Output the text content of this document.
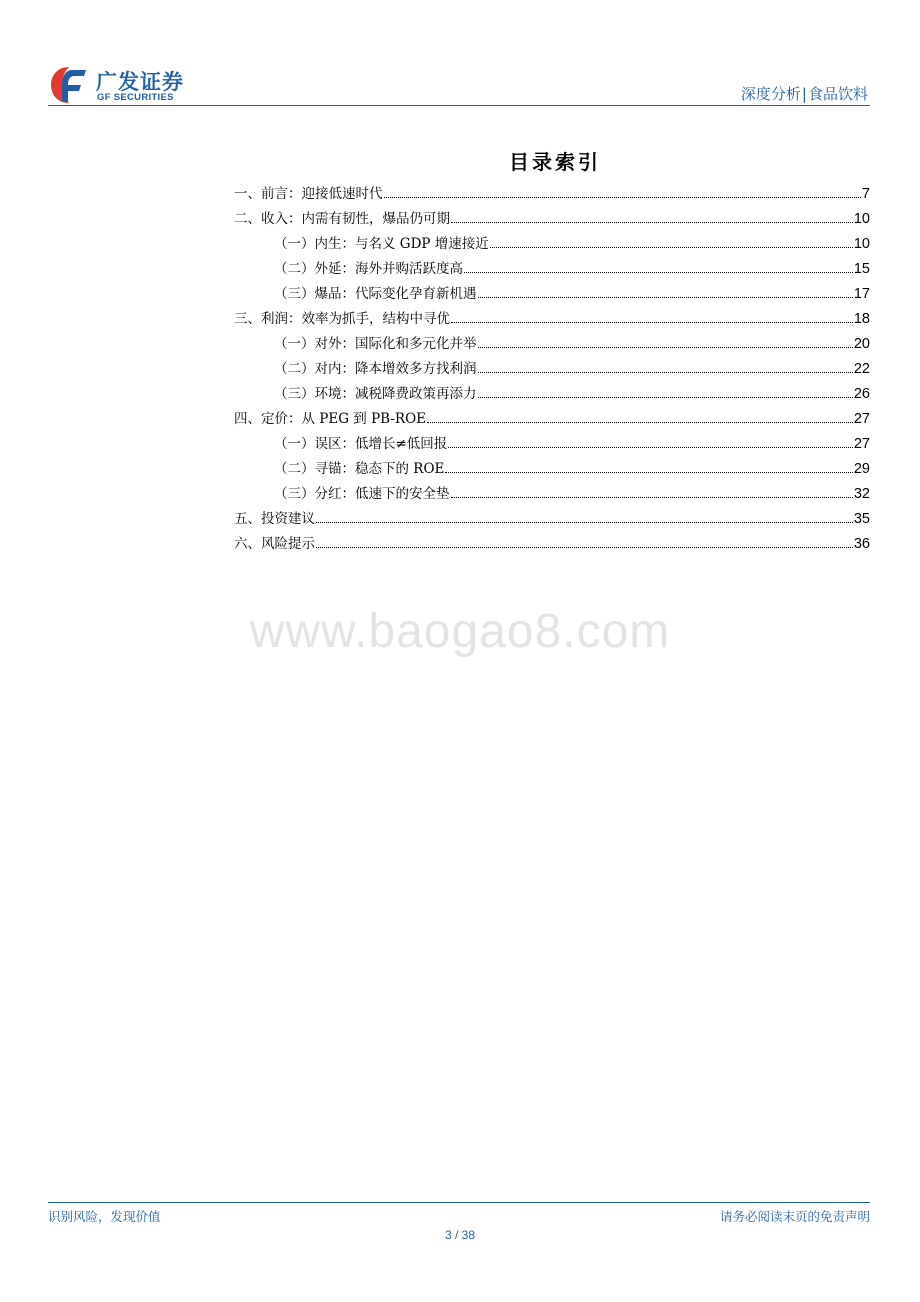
广发证券
GF SECURITIES	深度分析|食品饮料
目录索引
一、前言：迎接低速时代	7
二、收入：内需有韧性，爆品仍可期	10
（一）内生：与名义 GDP 增速接近	10
（二）外延：海外并购活跃度高	15
（三）爆品：代际变化孕育新机遇	17
三、利润：效率为抓手，结构中寻优	18
（一）对外：国际化和多元化并举	20
（二）对内：降本增效多方找利润	22
（三）环境：减税降费政策再添力	26
四、定价：从 PEG 到 PB-ROE	27
（一）误区：低增长≠低回报	27
（二）寻锚：稳态下的 ROE	29
（三）分红：低速下的安全垫	32
五、投资建议	35
六、风险提示	36
www.baogao8.com
识别风险，发现价值	请务必阅读末页的免责声明
3 / 38
